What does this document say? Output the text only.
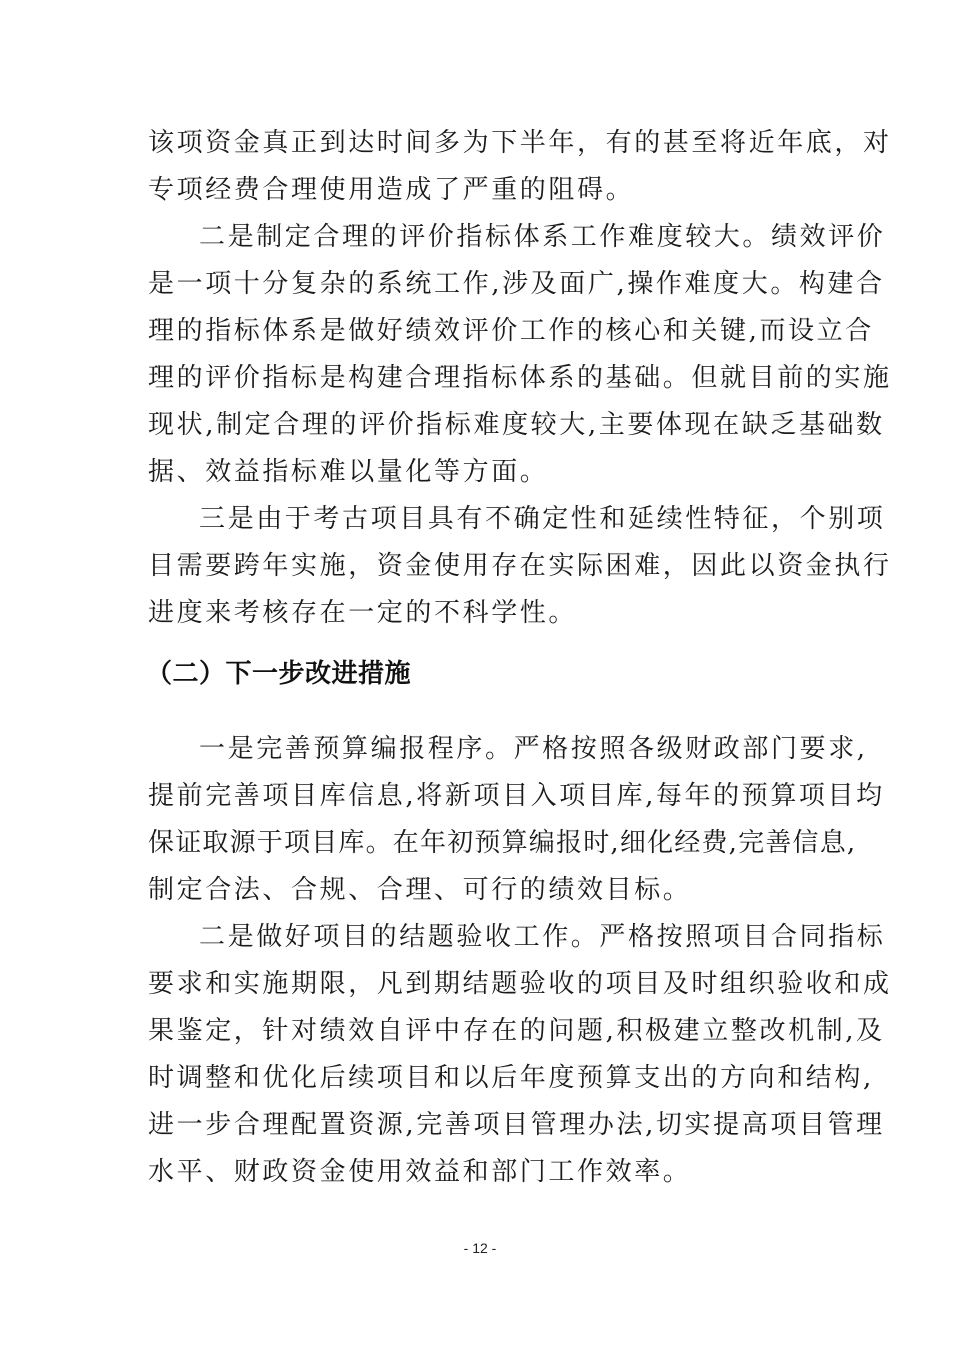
该项资金真正到达时间多为下半年，有的甚至将近年底，对
专项经费合理使用造成了严重的阻碍。
二是制定合理的评价指标体系工作难度较大。绩效评价
是一项十分复杂的系统工作,涉及面广,操作难度大。构建合
理的指标体系是做好绩效评价工作的核心和关键,而设立合
理的评价指标是构建合理指标体系的基础。但就目前的实施
现状,制定合理的评价指标难度较大,主要体现在缺乏基础数
据、效益指标难以量化等方面。
三是由于考古项目具有不确定性和延续性特征，个别项
目需要跨年实施，资金使用存在实际困难，因此以资金执行
进度来考核存在一定的不科学性。
（二）下一步改进措施
一是完善预算编报程序。严格按照各级财政部门要求,
提前完善项目库信息,将新项目入项目库,每年的预算项目均
保证取源于项目库。在年初预算编报时,细化经费,完善信息,
制定合法、合规、合理、可行的绩效目标。
二是做好项目的结题验收工作。严格按照项目合同指标
要求和实施期限，凡到期结题验收的项目及时组织验收和成
果鉴定，针对绩效自评中存在的问题,积极建立整改机制,及
时调整和优化后续项目和以后年度预算支出的方向和结构,
进一步合理配置资源,完善项目管理办法,切实提高项目管理
水平、财政资金使用效益和部门工作效率。
- 12 -
